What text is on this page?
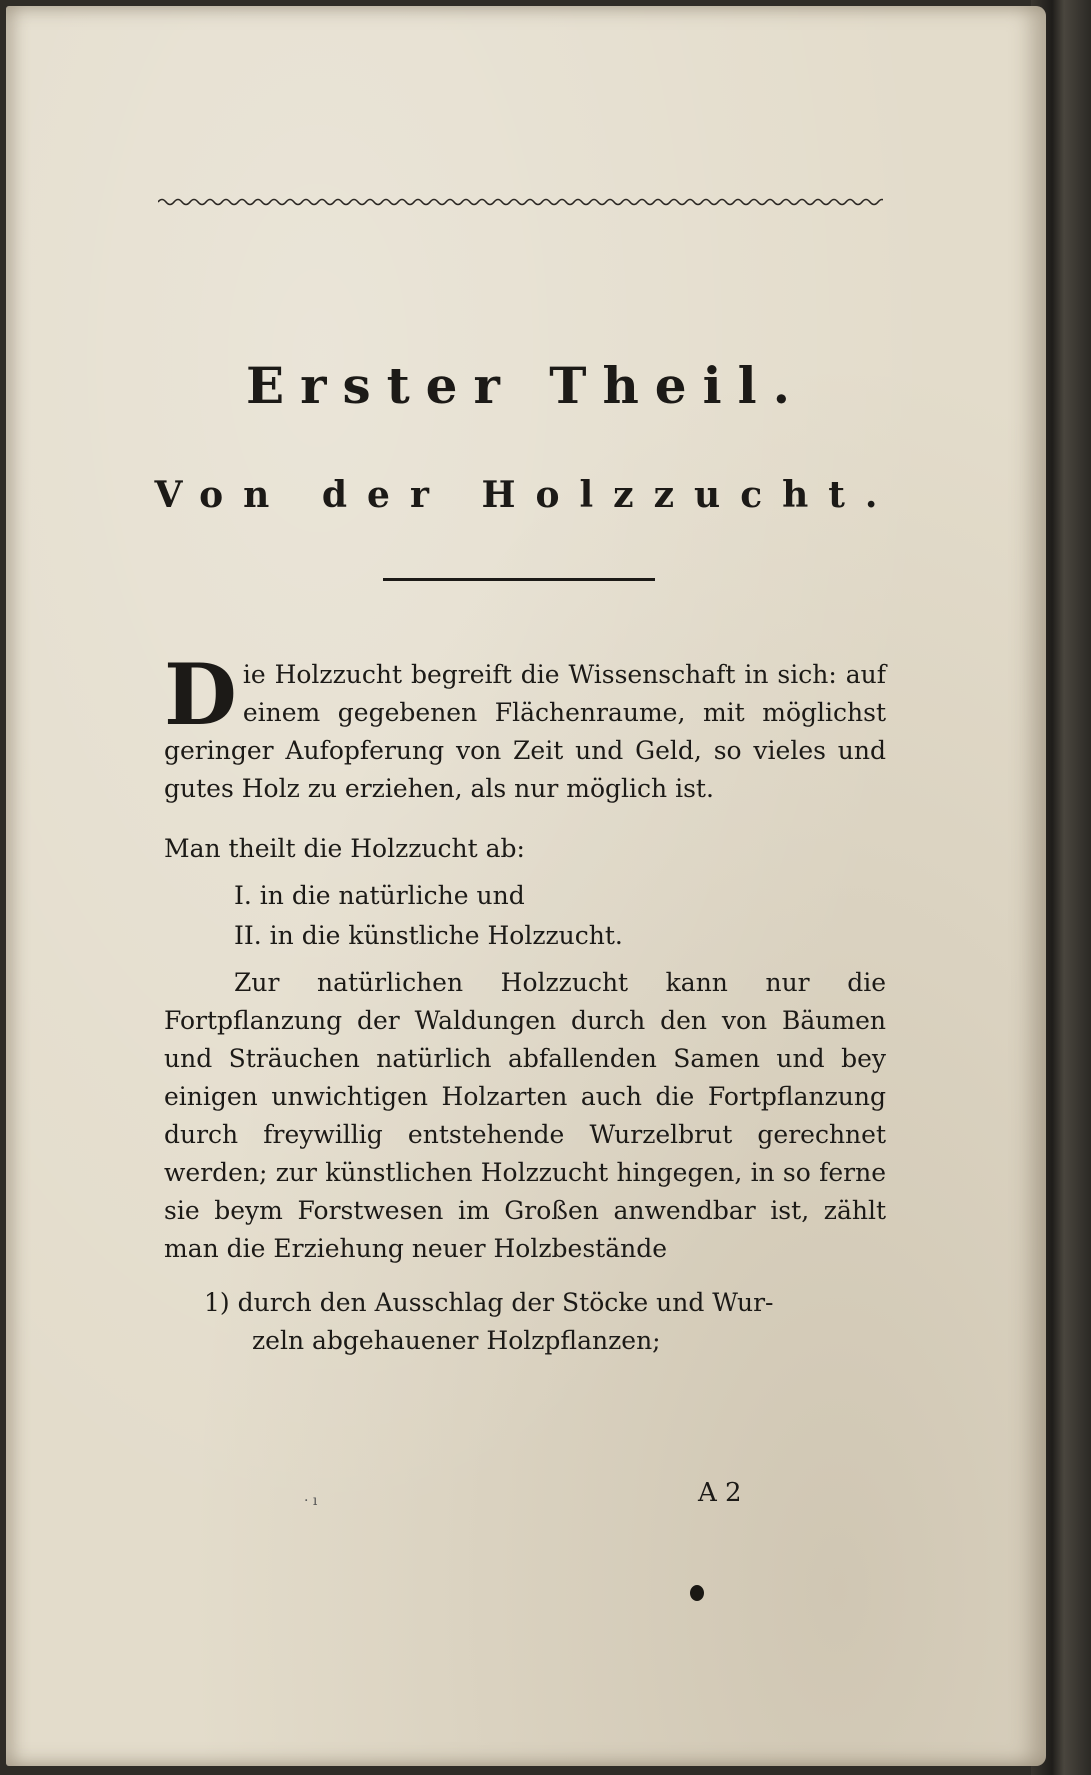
Erster Theil.
Von der Holzzucht.

Die Holzzucht begreift die Wissenschaft in sich: auf einem gegebenen Flächenraume, mit möglichst geringer Aufopferung von Zeit und Geld, so vieles und gutes Holz zu erziehen, als nur möglich ist.

Man theilt die Holzzucht ab:

I. in die natürliche und
II. in die künstliche Holzzucht.

Zur natürlichen Holzzucht kann nur die Fortpflanzung der Waldungen durch den von Bäumen und Sträuchen natürlich abfallenden Samen und bey einigen unwichtigen Holzarten auch die Fortpflanzung durch freywillig entstehende Wurzelbrut gerechnet werden; zur künstlichen Holzzucht hingegen, in so ferne sie beym Forstwesen im Großen anwendbar ist, zählt man die Erziehung neuer Holzbestände

1) durch den Ausschlag der Stöcke und Wur-
zeln abgehauener Holzpflanzen;

· ı	A 2
